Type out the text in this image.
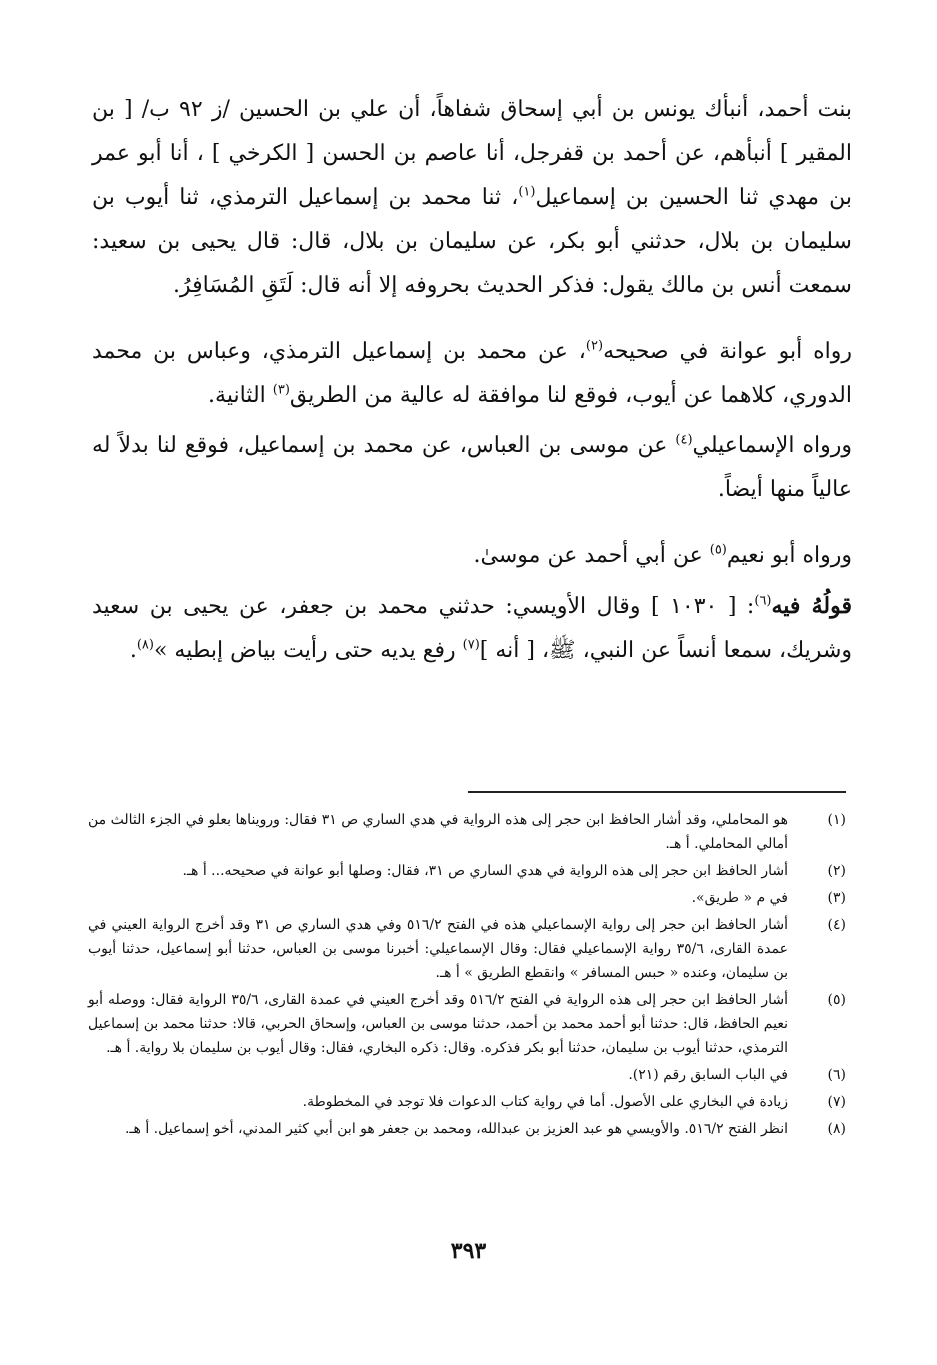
بنت أحمد، أنبأك يونس بن أبي إسحاق شفاهاً، أن علي بن الحسين /ز ٩٢ ب/ [ بن المقير ] أنبأهم، عن أحمد بن قفرجل، أنا عاصم بن الحسن [ الكرخي ] ، أنا أبو عمر بن مهدي ثنا الحسين بن إسماعيل$^{(١)}$، ثنا محمد بن إسماعيل الترمذي، ثنا أيوب بن سليمان بن بلال، حدثني أبو بكر، عن سليمان بن بلال، قال: قال يحيى بن سعيد: سمعت أنس بن مالك يقول: فذكر الحديث بحروفه إلا أنه قال: لَتَقِ المُسَافِرُ.

رواه أبو عوانة في صحيحه$^{(٢)}$، عن محمد بن إسماعيل الترمذي، وعباس بن محمد الدوري، كلاهما عن أيوب، فوقع لنا موافقة له عالية من الطريق$^{(٣)}$ الثانية.

ورواه الإسماعيلي$^{(٤)}$ عن موسى بن العباس، عن محمد بن إسماعيل، فوقع لنا بدلاً له عالياً منها أيضاً.

ورواه أبو نعيم$^{(٥)}$ عن أبي أحمد عن موسىٰ.

قولُهُ فيه$^{(٦)}$: [ ١٠٣٠ ] وقال الأويسي: حدثني محمد بن جعفر، عن يحيى بن سعيد وشريك، سمعا أنساً عن النبي، ﷺ، [ أنه ]$^{(٧)}$ رفع يديه حتى رأيت بياض إبطيه »$^{(٨)}$.

(١)
هو المحاملي، وقد أشار الحافظ ابن حجر إلى هذه الرواية في هدي الساري ص ٣١ فقال: ورويناها بعلو في الجزء الثالث من أمالي المحاملي. أ هـ.
(٢)
أشار الحافظ ابن حجر إلى هذه الرواية في هدي الساري ص ٣١، فقال: وصلها أبو عوانة في صحيحه... أ هـ.
(٣)
في م « طريق».
(٤)
أشار الحافظ ابن حجر إلى رواية الإسماعيلي هذه في الفتح ٥١٦/٢ وفي هدي الساري ص ٣١ وقد أخرج الرواية العيني في عمدة القارى، ٣٥/٦ رواية الإسماعيلي فقال: وقال الإسماعيلي: أخبرنا موسى بن العباس، حدثنا أبو إسماعيل، حدثنا أيوب بن سليمان، وعنده « حبس المسافر » وانقطع الطريق » أ هـ.
(٥)
أشار الحافظ ابن حجر إلى هذه الرواية في الفتح ٥١٦/٢ وقد أخرج العيني في عمدة القارى، ٣٥/٦ الرواية فقال: ووصله أبو نعيم الحافظ، قال: حدثنا أبو أحمد محمد بن أحمد، حدثنا موسى بن العباس، وإسحاق الحربي، قالا: حدثنا محمد بن إسماعيل الترمذي، حدثنا أيوب بن سليمان، حدثنا أبو بكر فذكره. وقال: ذكره البخاري، فقال: وقال أيوب بن سليمان بلا رواية. أ هـ.
(٦)
في الباب السابق رقم (٢١).
(٧)
زيادة في البخاري على الأصول. أما في رواية كتاب الدعوات فلا توجد في المخطوطة.
(٨)
انظر الفتح ٥١٦/٢. والأويسي هو عبد العزيز بن عبدالله، ومحمد بن جعفر هو ابن أبي كثير المدني، أخو إسماعيل. أ هـ.
٣٩٣
